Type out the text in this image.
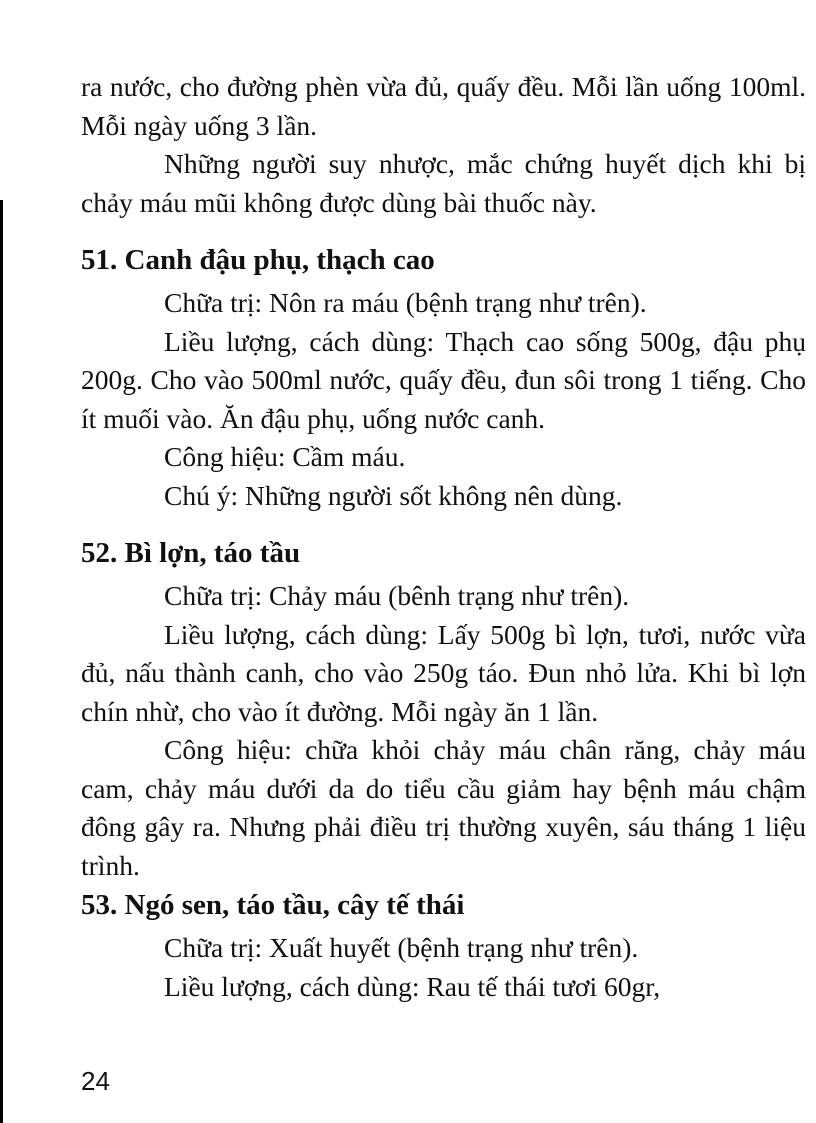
ra nước, cho đường phèn vừa đủ, quấy đều. Mỗi lần uống 100ml. Mỗi ngày uống 3 lần.

Những người suy nhược, mắc chứng huyết dịch khi bị chảy máu mũi không được dùng bài thuốc này.

51. Canh đậu phụ, thạch cao

Chữa trị: Nôn ra máu (bệnh trạng như trên).

Liều lượng, cách dùng: Thạch cao sống 500g, đậu phụ 200g. Cho vào 500ml nước, quấy đều, đun sôi trong 1 tiếng. Cho ít muối vào. Ăn đậu phụ, uống nước canh.

Công hiệu: Cầm máu.

Chú ý: Những người sốt không nên dùng.

52. Bì lợn, táo tầu

Chữa trị: Chảy máu (bênh trạng như trên).

Liều lượng, cách dùng: Lấy 500g bì lợn, tươi, nước vừa đủ, nấu thành canh, cho vào 250g táo. Đun nhỏ lửa. Khi bì lợn chín nhừ, cho vào ít đường. Mỗi ngày ăn 1 lần.

Công hiệu: chữa khỏi chảy máu chân răng, chảy máu cam, chảy máu dưới da do tiểu cầu giảm hay bệnh máu chậm đông gây ra. Nhưng phải điều trị thường xuyên, sáu tháng 1 liệu trình.

53. Ngó sen, táo tầu, cây tế thái

Chữa trị: Xuất huyết (bệnh trạng như trên).

Liều lượng, cách dùng: Rau tế thái tươi 60gr,

24
